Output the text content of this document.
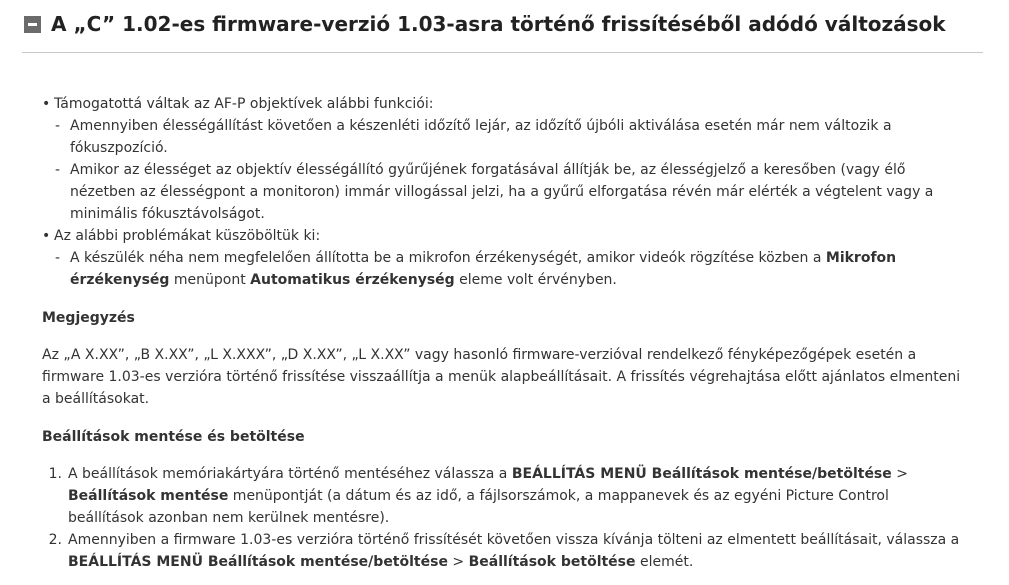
A „C” 1.02-es firmware-verzió 1.03-asra történő frissítéséből adódó változások
• Támogatottá váltak az AF-P objektívek alábbi funkciói:
- Amennyiben élességállítást követően a készenléti időzítő lejár, az időzítő újbóli aktiválása esetén már nem változik a fókuszpozíció.
- Amikor az élességet az objektív élességállító gyűrűjének forgatásával állítják be, az élességjelző a keresőben (vagy élő nézetben az élességpont a monitoron) immár villogással jelzi, ha a gyűrű elforgatása révén már elérték a végtelent vagy a minimális fókusztávolságot.
• Az alábbi problémákat küszöböltük ki:
- A készülék néha nem megfelelően állította be a mikrofon érzékenységét, amikor videók rögzítése közben a Mikrofon érzékenység menüpont Automatikus érzékenység eleme volt érvényben.
Megjegyzés
Az „A X.XX”, „B X.XX”, „L X.XXX”, „D X.XX”, „L X.XX” vagy hasonló firmware-verzióval rendelkező fényképezőgépek esetén a firmware 1.03-es verzióra történő frissítése visszaállítja a menük alapbeállításait. A frissítés végrehajtása előtt ajánlatos elmenteni a beállításokat.
Beállítások mentése és betöltése
1. A beállítások memóriakártyára történő mentéséhez válassza a BEÁLLÍTÁS MENÜ Beállítások mentése/betöltése > Beállítások mentése menüpontját (a dátum és az idő, a fájlsorszámok, a mappanevek és az egyéni Picture Control beállítások azonban nem kerülnek mentésre).
2. Amennyiben a firmware 1.03-es verzióra történő frissítését követően vissza kívánja tölteni az elmentett beállításait, válassza a BEÁLLÍTÁS MENÜ Beállítások mentése/betöltése > Beállítások betöltése elemét.
